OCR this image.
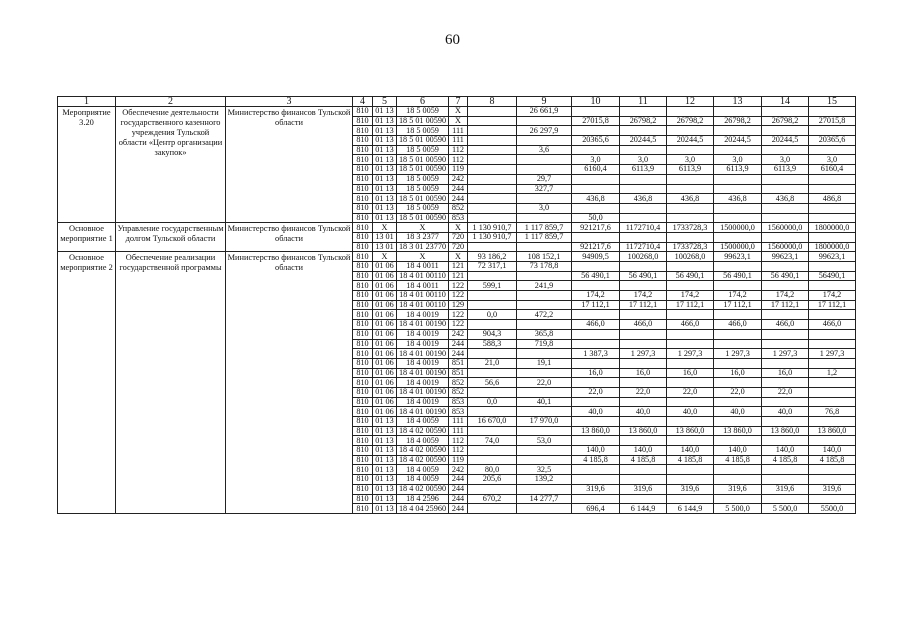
60
1	2	3	4	5	6	7	8	9	10	11	12	13	14	15
Мероприятие 3.20	Обеспечение деятельности государственного казенного учреждения Тульской области «Центр организации закупок»	Министерство финансов Тульской области	810	01 13	18 5 0059	X		26 661,9						
			810	01 13	18 5 01 00590	X			27015,8	26798,2	26798,2	26798,2	26798,2	27015,8
			810	01 13	18 5 0059	111		26 297,9						
			810	01 13	18 5 01 00590	111			20365,6	20244,5	20244,5	20244,5	20244,5	20365,6
			810	01 13	18 5 0059	112		3,6						
			810	01 13	18 5 01 00590	112			3,0	3,0	3,0	3,0	3,0	3,0
			810	01 13	18 5 01 00590	119			6160,4	6113,9	6113,9	6113,9	6113,9	6160,4
			810	01 13	18 5 0059	242		29,7						
			810	01 13	18 5 0059	244		327,7						
			810	01 13	18 5 01 00590	244			436,8	436,8	436,8	436,8	436,8	486,8
			810	01 13	18 5 0059	852		3,0						
			810	01 13	18 5 01 00590	853			50,0					
Основное мероприятие 1	Управление государственным долгом Тульской области	Министерство финансов Тульской области	810	X	X	X	1 130 910,7	1 117 859,7	921217,6	1172710,4	1733728,3	1500000,0	1560000,0	1800000,0
			810	13 01	18 3 2377	720	1 130 910,7	1 117 859,7						
			810	13 01	18 3 01 23770	720			921217,6	1172710,4	1733728,3	1500000,0	1560000,0	1800000,0
Основное мероприятие 2	Обеспечение реализации государственной программы	Министерство финансов Тульской области	810	X	X	X	93 186,2	108 152,1	94909,5	100268,0	100268,0	99623,1	99623,1	99623,1
			810	01 06	18 4 0011	121	72 317,1	73 178,8						
			810	01 06	18 4 01 00110	121			56 490,1	56 490,1	56 490,1	56 490,1	56 490,1	56490,1
			810	01 06	18 4 0011	122	599,1	241,9						
			810	01 06	18 4 01 00110	122			174,2	174,2	174,2	174,2	174,2	174,2
			810	01 06	18 4 01 00110	129			17 112,1	17 112,1	17 112,1	17 112,1	17 112,1	17 112,1
			810	01 06	18 4 0019	122	0,0	472,2						
			810	01 06	18 4 01 00190	122			466,0	466,0	466,0	466,0	466,0	466,0
			810	01 06	18 4 0019	242	904,3	365,8						
			810	01 06	18 4 0019	244	588,3	719,8						
			810	01 06	18 4 01 00190	244			1 387,3	1 297,3	1 297,3	1 297,3	1 297,3	1 297,3
			810	01 06	18 4 0019	851	21,0	19,1						
			810	01 06	18 4 01 00190	851			16,0	16,0	16,0	16,0	16,0	1,2
			810	01 06	18 4 0019	852	56,6	22,0						
			810	01 06	18 4 01 00190	852			22,0	22,0	22,0	22,0	22,0	
			810	01 06	18 4 0019	853	0,0	40,1						
			810	01 06	18 4 01 00190	853			40,0	40,0	40,0	40,0	40,0	76,8
			810	01 13	18 4 0059	111	16 670,0	17 970,0						
			810	01 13	18 4 02 00590	111			13 860,0	13 860,0	13 860,0	13 860,0	13 860,0	13 860,0
			810	01 13	18 4 0059	112	74,0	53,0						
			810	01 13	18 4 02 00590	112			140,0	140,0	140,0	140,0	140,0	140,0
			810	01 13	18 4 02 00590	119			4 185,8	4 185,8	4 185,8	4 185,8	4 185,8	4 185,8
			810	01 13	18 4 0059	242	80,0	32,5						
			810	01 13	18 4 0059	244	205,6	139,2						
			810	01 13	18 4 02 00590	244			319,6	319,6	319,6	319,6	319,6	319,6
			810	01 13	18 4 2596	244	670,2	14 277,7						
			810	01 13	18 4 04 25960	244			696,4	6 144,9	6 144,9	5 500,0	5 500,0	5500,0
